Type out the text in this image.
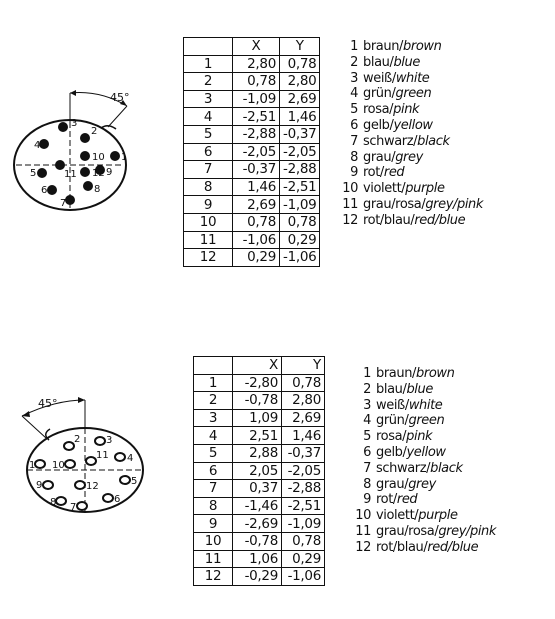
45°
1
2
3
4
5
6
7
8
9
10
11 12
	X	Y
1	2,80	0,78
2	0,78	2,80
3	-1,09	2,69
4	-2,51	1,46
5	-2,88	-0,37
6	-2,05	-2,05
7	-0,37	-2,88
8	1,46	-2,51
9	2,69	-1,09
10	0,78	0,78
11	-1,06	0,29
12	0,29	-1,06
1 braun/brown
2 blau/blue
3 weiß/white
4 grün/green
5 rosa/pink
6 gelb/yellow
7 schwarz/black
8 grau/grey
9 rot/red
10 violett/purple
11 grau/rosa/grey/pink
12 rot/blau/red/blue
45°
1
2	3
4
5
6
7
8
9
10
11
12
	X	Y
1	-2,80	0,78
2	-0,78	2,80
3	1,09	2,69
4	2,51	1,46
5	2,88	-0,37
6	2,05	-2,05
7	0,37	-2,88
8	-1,46	-2,51
9	-2,69	-1,09
10	-0,78	0,78
11	1,06	0,29
12	-0,29	-1,06
1 braun/brown
2 blau/blue
3 weiß/white
4 grün/green
5 rosa/pink
6 gelb/yellow
7 schwarz/black
8 grau/grey
9 rot/red
10 violett/purple
11 grau/rosa/grey/pink
12 rot/blau/red/blue
